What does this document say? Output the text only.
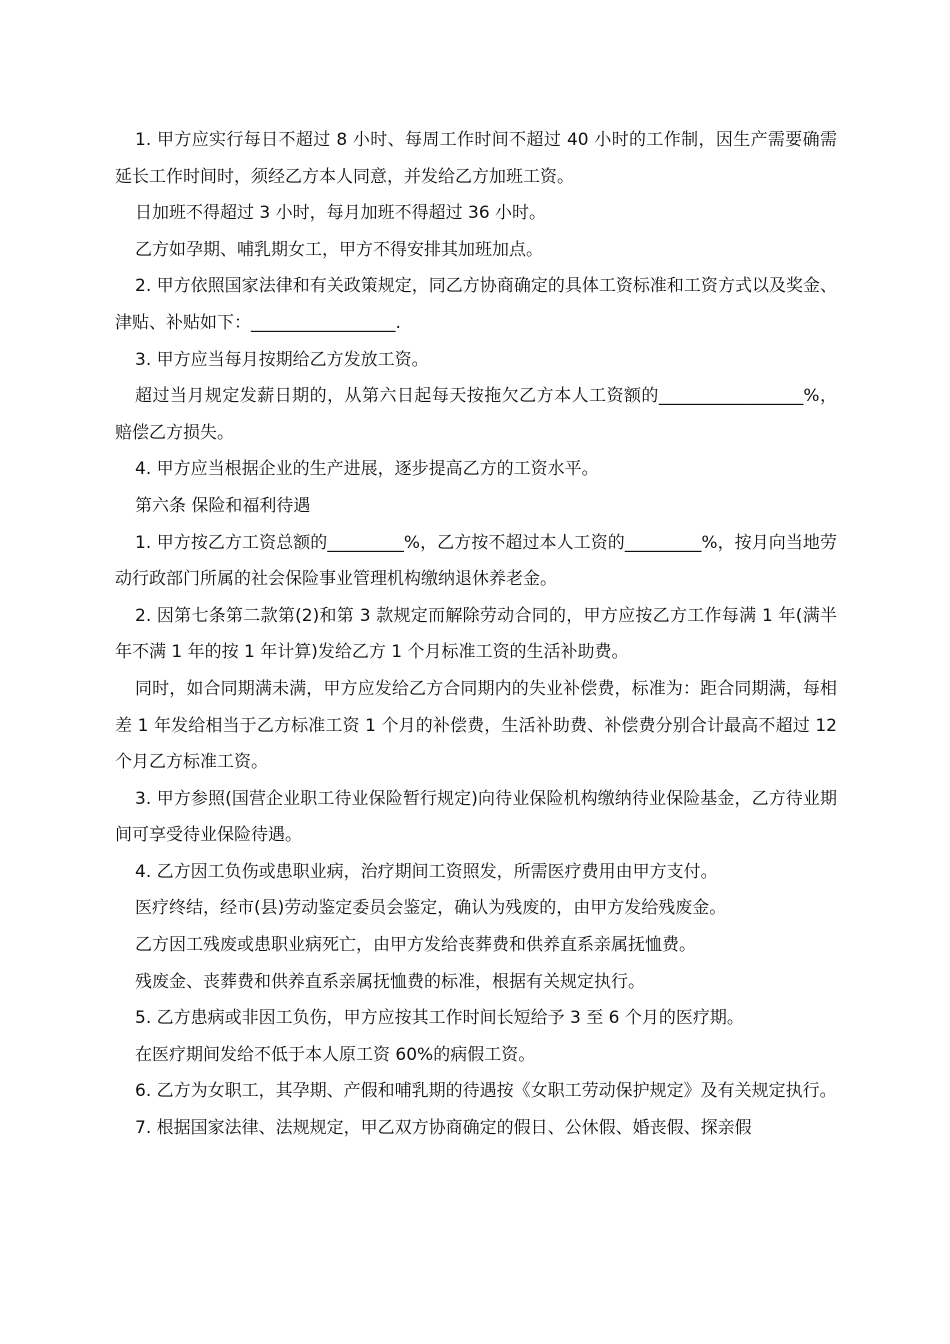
1. 甲方应实行每日不超过 8 小时、每周工作时间不超过 40 小时的工作制，因生产需要确需延长工作时间时，须经乙方本人同意，并发给乙方加班工资。

日加班不得超过 3 小时，每月加班不得超过 36 小时。

乙方如孕期、哺乳期女工，甲方不得安排其加班加点。

2. 甲方依照国家法律和有关政策规定，同乙方协商确定的具体工资标准和工资方式以及奖金、津贴、补贴如下：_________________.

3. 甲方应当每月按期给乙方发放工资。

超过当月规定发薪日期的，从第六日起每天按拖欠乙方本人工资额的_________________%，赔偿乙方损失。

4. 甲方应当根据企业的生产进展，逐步提高乙方的工资水平。

第六条 保险和福利待遇

1. 甲方按乙方工资总额的_________%，乙方按不超过本人工资的_________%，按月向当地劳动行政部门所属的社会保险事业管理机构缴纳退休养老金。

2. 因第七条第二款第(2)和第 3 款规定而解除劳动合同的，甲方应按乙方工作每满 1 年(满半年不满 1 年的按 1 年计算)发给乙方 1 个月标准工资的生活补助费。

同时，如合同期满未满，甲方应发给乙方合同期内的失业补偿费，标准为：距合同期满，每相差 1 年发给相当于乙方标准工资 1 个月的补偿费，生活补助费、补偿费分别合计最高不超过 12 个月乙方标准工资。

3. 甲方参照(国营企业职工待业保险暂行规定)向待业保险机构缴纳待业保险基金，乙方待业期间可享受待业保险待遇。

4. 乙方因工负伤或患职业病，治疗期间工资照发，所需医疗费用由甲方支付。

医疗终结，经市(县)劳动鉴定委员会鉴定，确认为残废的，由甲方发给残废金。

乙方因工残废或患职业病死亡，由甲方发给丧葬费和供养直系亲属抚恤费。

残废金、丧葬费和供养直系亲属抚恤费的标准，根据有关规定执行。

5. 乙方患病或非因工负伤，甲方应按其工作时间长短给予 3 至 6 个月的医疗期。

在医疗期间发给不低于本人原工资 60%的病假工资。

6. 乙方为女职工，其孕期、产假和哺乳期的待遇按《女职工劳动保护规定》及有关规定执行。

7. 根据国家法律、法规规定，甲乙双方协商确定的假日、公休假、婚丧假、探亲假
